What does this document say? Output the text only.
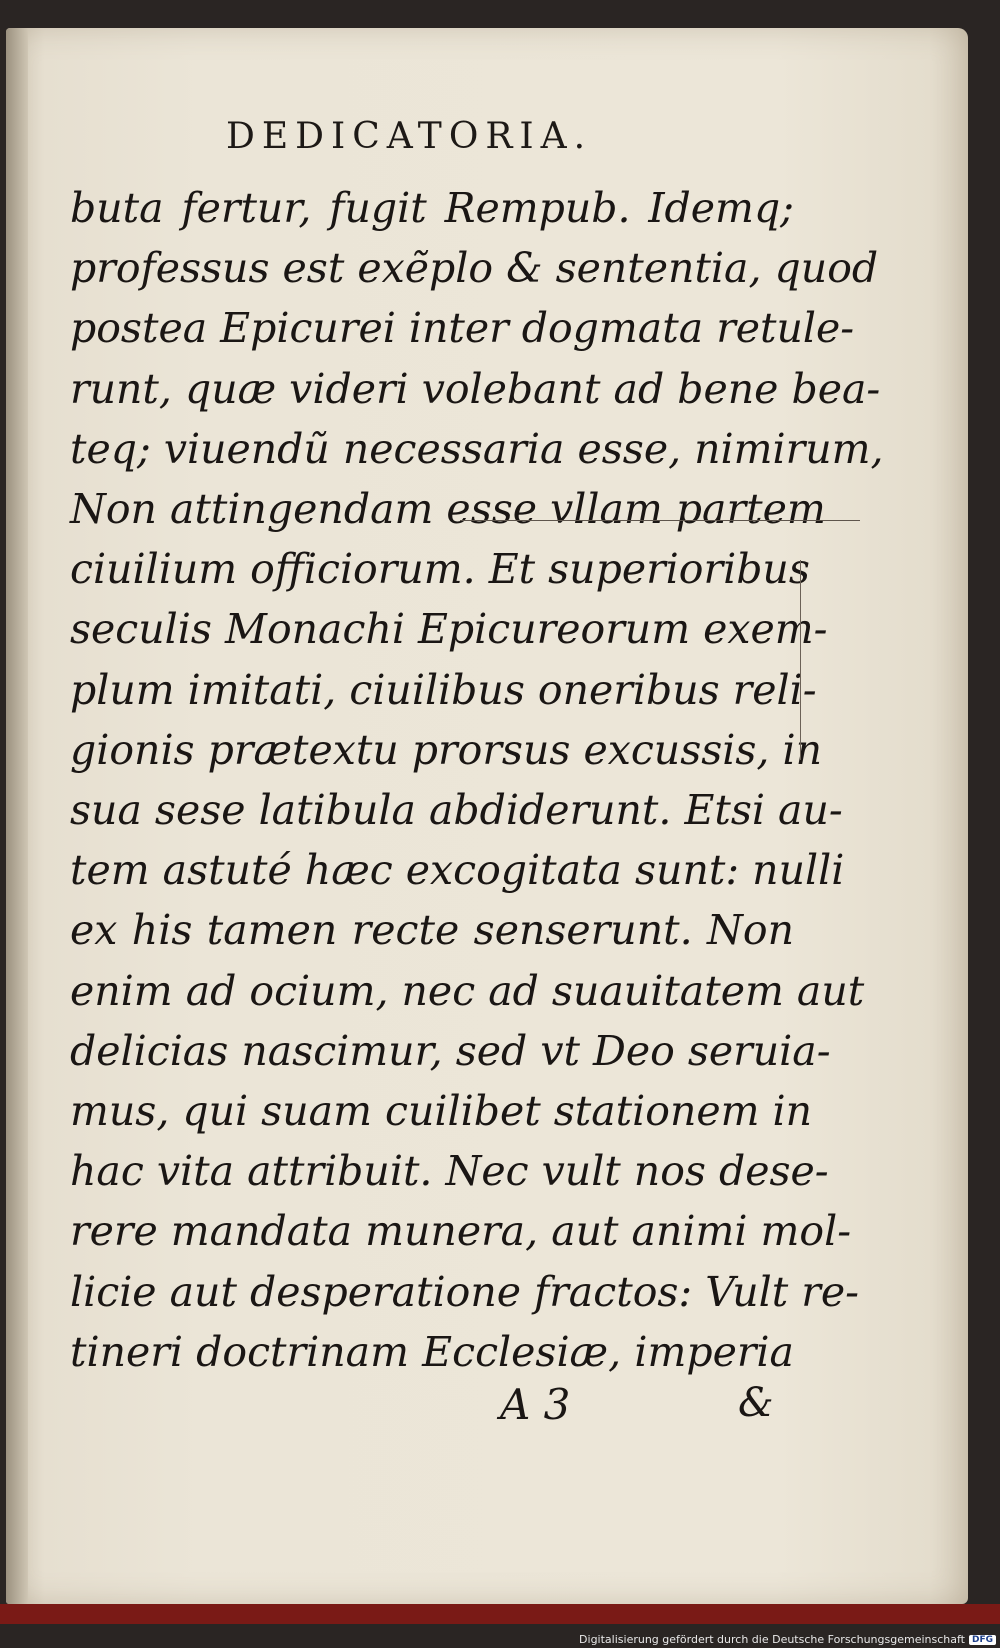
DEDICATORIA.
buta fertur, fugit Rempub. Idemq;
professus est exẽplo & sententia, quod
postea Epicurei inter dogmata retule-
runt, quæ videri volebant ad bene bea-
teq; viuendũ necessaria esse, nimirum,
Non attingendam esse vllam partem
ciuilium officiorum. Et superioribus
seculis Monachi Epicureorum exem-
plum imitati, ciuilibus oneribus reli-
gionis prætextu prorsus excussis, in
sua sese latibula abdiderunt. Etsi au-
tem astuté hæc excogitata sunt: nulli
ex his tamen recte senserunt. Non
enim ad ocium, nec ad suauitatem aut
delicias nascimur, sed vt Deo seruia-
mus, qui suam cuilibet stationem in
hac vita attribuit. Nec vult nos dese-
rere mandata munera, aut animi mol-
licie aut desperatione fractos: Vult re-
tineri doctrinam Ecclesiæ, imperia
A 3	&
Digitalisierung gefördert durch die Deutsche Forschungsgemeinschaft DFG
